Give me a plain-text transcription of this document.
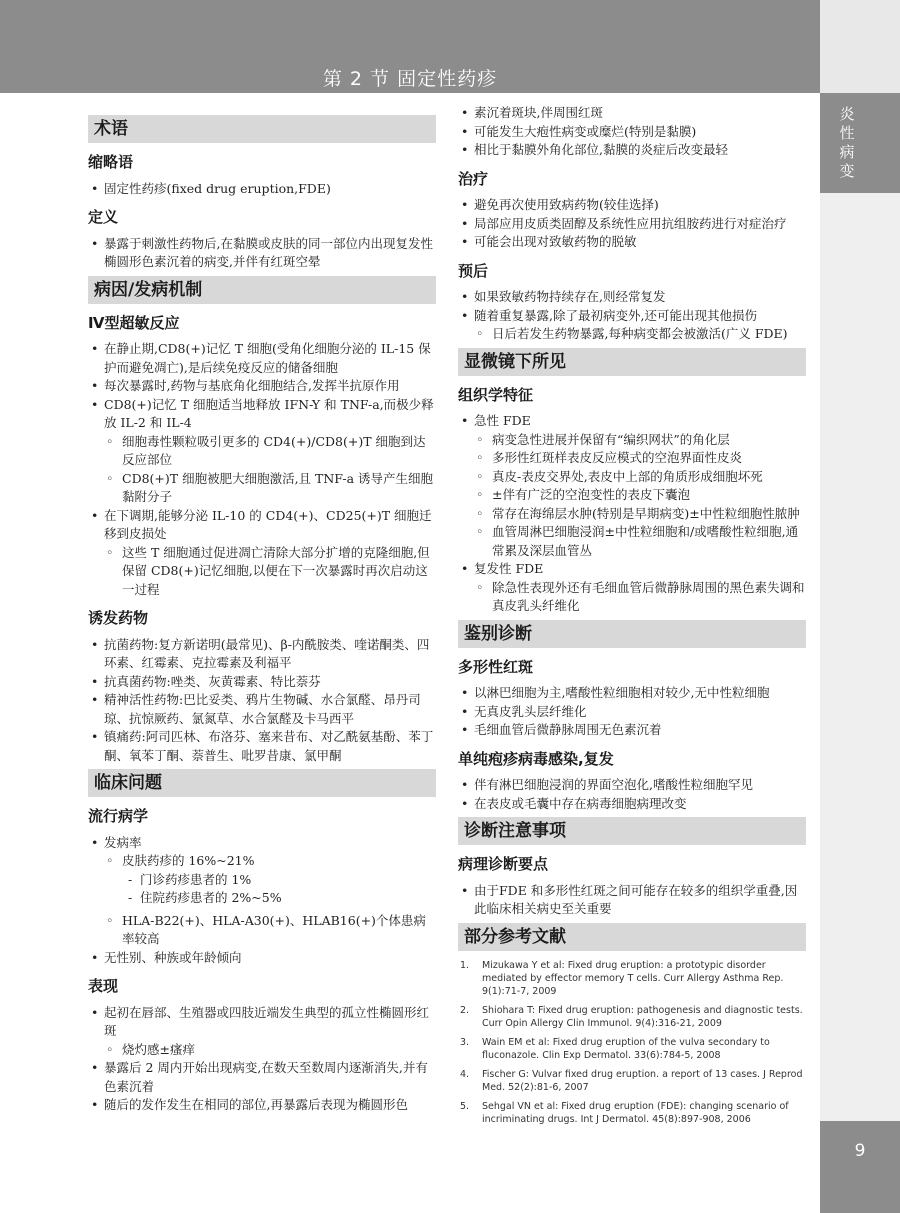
第 2 节 固定性药疹
炎
性
病
变
9
术语
缩略语
• 固定性药疹(fixed drug eruption,FDE)
定义
• 暴露于刺激性药物后,在黏膜或皮肤的同一部位内出现复发性椭圆形色素沉着的病变,并伴有红斑空晕
病因/发病机制
Ⅳ型超敏反应
• 在静止期,CD8(+)记忆 T 细胞(受角化细胞分泌的 IL-15 保护而避免凋亡),是后续免疫反应的储备细胞
• 每次暴露时,药物与基底角化细胞结合,发挥半抗原作用
• CD8(+)记忆 T 细胞适当地释放 IFN-Y 和 TNF-a,而极少释放 IL-2 和 IL-4
◦ 细胞毒性颗粒吸引更多的 CD4(+)/CD8(+)T 细胞到达反应部位
◦ CD8(+)T 细胞被肥大细胞激活,且 TNF-a 诱导产生细胞黏附分子
• 在下调期,能够分泌 IL-10 的 CD4(+)、CD25(+)T 细胞迁移到皮损处
◦ 这些 T 细胞通过促进凋亡清除大部分扩增的克隆细胞,但保留 CD8(+)记忆细胞,以便在下一次暴露时再次启动这一过程
诱发药物
• 抗菌药物:复方新诺明(最常见)、β-内酰胺类、喹诺酮类、四环素、红霉素、克拉霉素及利福平
• 抗真菌药物:唑类、灰黄霉素、特比萘芬
• 精神活性药物:巴比妥类、鸦片生物碱、水合氯醛、昂丹司琼、抗惊厥药、氯氮草、水合氯醛及卡马西平
• 镇痛药:阿司匹林、布洛芬、塞来昔布、对乙酰氨基酚、苯丁酮、氧苯丁酮、萘普生、吡罗昔康、氯甲酮
临床问题
流行病学
• 发病率
◦ 皮肤药疹的 16%~21%
- 门诊药疹患者的 1%
- 住院药疹患者的 2%~5%
◦ HLA-B22(+)、HLA-A30(+)、HLAB16(+)个体患病率较高
• 无性别、种族或年龄倾向
表现
• 起初在唇部、生殖器或四肢近端发生典型的孤立性椭圆形红斑
◦ 烧灼感±瘙痒
• 暴露后 2 周内开始出现病变,在数天至数周内逐渐消失,并有色素沉着
• 随后的发作发生在相同的部位,再暴露后表现为椭圆形色
• 素沉着斑块,伴周围红斑
• 可能发生大疱性病变或糜烂(特别是黏膜)
• 相比于黏膜外角化部位,黏膜的炎症后改变最轻
治疗
• 避免再次使用致病药物(较佳选择)
• 局部应用皮质类固醇及系统性应用抗组胺药进行对症治疗
• 可能会出现对致敏药物的脱敏
预后
• 如果致敏药物持续存在,则经常复发
• 随着重复暴露,除了最初病变外,还可能出现其他损伤
◦ 日后若发生药物暴露,每种病变都会被激活(广义 FDE)
显微镜下所见
组织学特征
• 急性 FDE
◦ 病变急性进展并保留有“编织网状”的角化层
◦ 多形性红斑样表皮反应模式的空泡界面性皮炎
◦ 真皮-表皮交界处,表皮中上部的角质形成细胞坏死
◦ ±伴有广泛的空泡变性的表皮下囊泡
◦ 常存在海绵层水肿(特别是早期病变)±中性粒细胞性脓肿
◦ 血管周淋巴细胞浸润±中性粒细胞和/或嗜酸性粒细胞,通常累及深层血管丛
• 复发性 FDE
◦ 除急性表现外还有毛细血管后微静脉周围的黑色素失调和真皮乳头纤维化
鉴别诊断
多形性红斑
• 以淋巴细胞为主,嗜酸性粒细胞相对较少,无中性粒细胞
• 无真皮乳头层纤维化
• 毛细血管后微静脉周围无色素沉着
单纯疱疹病毒感染,复发
• 伴有淋巴细胞浸润的界面空泡化,嗜酸性粒细胞罕见
• 在表皮或毛囊中存在病毒细胞病理改变
诊断注意事项
病理诊断要点
• 由于FDE 和多形性红斑之间可能存在较多的组织学重叠,因此临床相关病史至关重要
部分参考文献
1. Mizukawa Y et al: Fixed drug eruption: a prototypic disorder mediated by effector memory T cells. Curr Allergy Asthma Rep. 9(1):71-7, 2009
2. Shiohara T: Fixed drug eruption: pathogenesis and diagnostic tests. Curr Opin Allergy Clin Immunol. 9(4):316-21, 2009
3. Wain EM et al: Fixed drug eruption of the vulva secondary to fluconazole. Clin Exp Dermatol. 33(6):784-5, 2008
4. Fischer G: Vulvar fixed drug eruption. a report of 13 cases. J Reprod Med. 52(2):81-6, 2007
5. Sehgal VN et al: Fixed drug eruption (FDE): changing scenario of incriminating drugs. Int J Dermatol. 45(8):897-908, 2006
